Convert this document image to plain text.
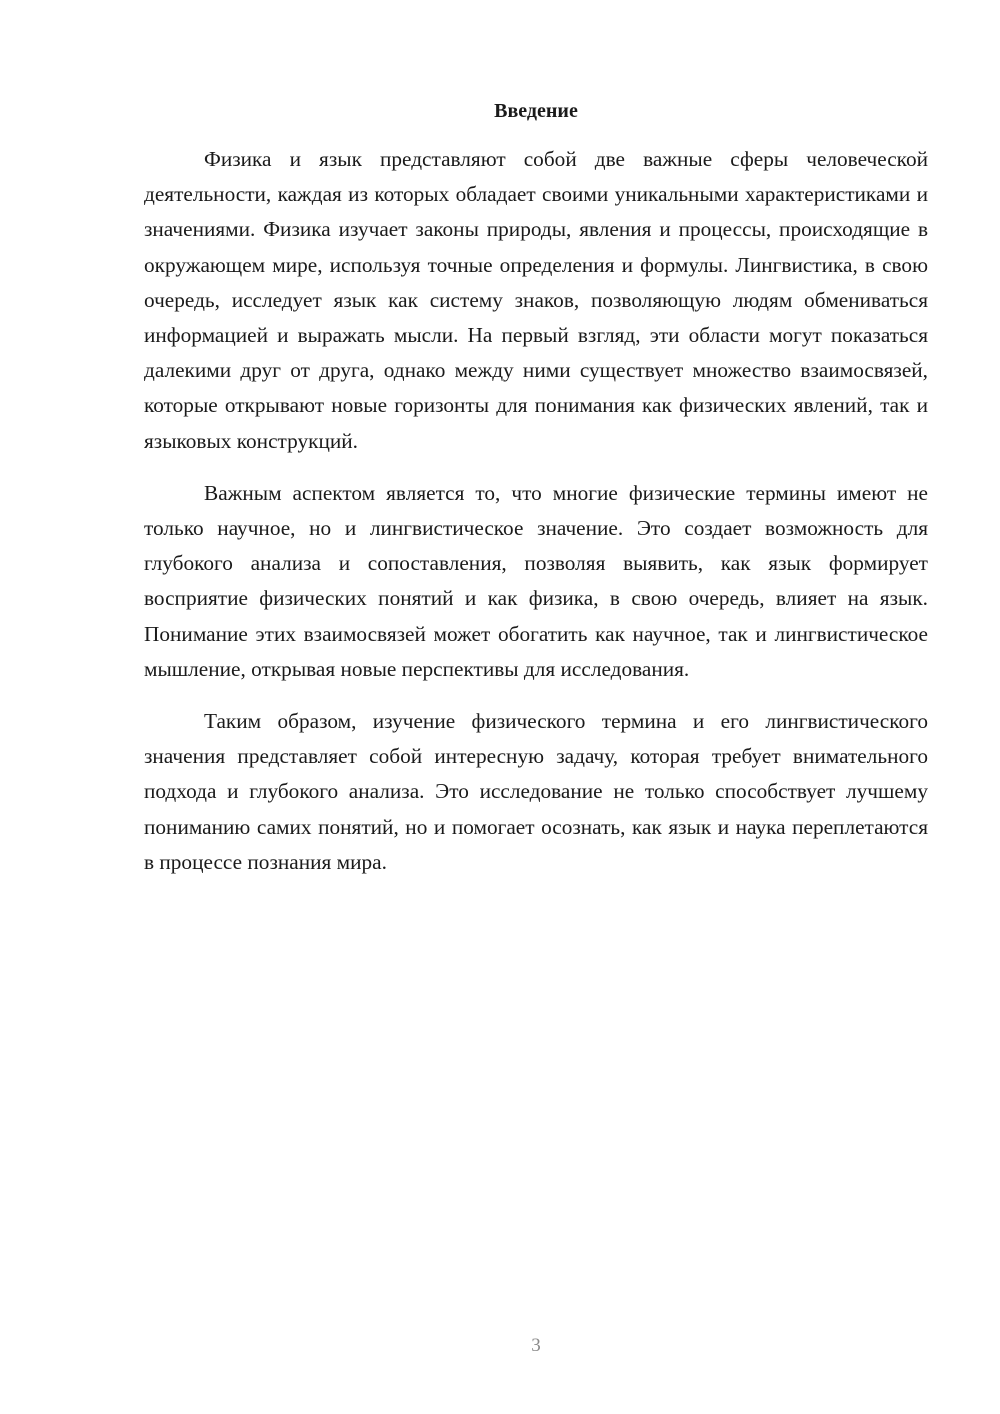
Введение

Физика и язык представляют собой две важные сферы человеческой деятельности, каждая из которых обладает своими уникальными характеристиками и значениями. Физика изучает законы природы, явления и процессы, происходящие в окружающем мире, используя точные определения и формулы. Лингвистика, в свою очередь, исследует язык как систему знаков, позволяющую людям обмениваться информацией и выражать мысли. На первый взгляд, эти области могут показаться далекими друг от друга, однако между ними существует множество взаимосвязей, которые открывают новые горизонты для понимания как физических явлений, так и языковых конструкций.

Важным аспектом является то, что многие физические термины имеют не только научное, но и лингвистическое значение. Это создает возможность для глубокого анализа и сопоставления, позволяя выявить, как язык формирует восприятие физических понятий и как физика, в свою очередь, влияет на язык. Понимание этих взаимосвязей может обогатить как научное, так и лингвистическое мышление, открывая новые перспективы для исследования.

Таким образом, изучение физического термина и его лингвистического значения представляет собой интересную задачу, которая требует внимательного подхода и глубокого анализа. Это исследование не только способствует лучшему пониманию самих понятий, но и помогает осознать, как язык и наука переплетаются в процессе познания мира.

3
